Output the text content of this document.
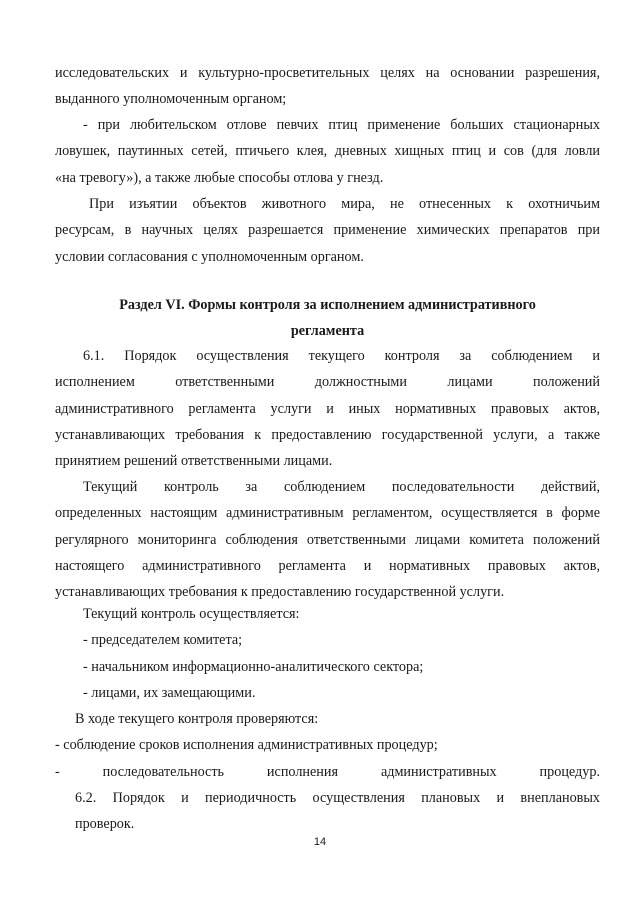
исследовательских и культурно-просветительных целях на основании разрешения,

выданного уполномоченным органом;

- при любительском отлове певчих птиц применение больших стационарных

ловушек, паутинных сетей, птичьего клея, дневных хищных птиц и сов (для ловли

«на тревогу»), а также любые способы отлова у гнезд.

При изъятии объектов животного мира, не отнесенных к охотничьим

ресурсам, в научных целях разрешается применение химических препаратов при

условии согласования с уполномоченным органом.

Раздел VI. Формы контроля за исполнением административного
регламента

6.1. Порядок осуществления текущего контроля за соблюдением и

исполнением ответственными должностными лицами положений

административного регламента услуги и иных нормативных правовых актов,

устанавливающих требования к предоставлению государственной услуги, а также

принятием решений ответственными лицами.

Текущий контроль за соблюдением последовательности действий,

определенных настоящим административным регламентом, осуществляется в форме

регулярного мониторинга соблюдения ответственными лицами комитета положений

настоящего административного регламента и нормативных правовых актов,

устанавливающих требования к предоставлению государственной услуги.

Текущий контроль осуществляется:

- председателем комитета;

- начальником информационно-аналитического сектора;

- лицами, их замещающими.

В ходе текущего контроля проверяются:

- соблюдение сроков исполнения административных процедур;

- последовательность исполнения административных процедур.

6.2. Порядок и периодичность осуществления плановых и внеплановых

проверок.

14
